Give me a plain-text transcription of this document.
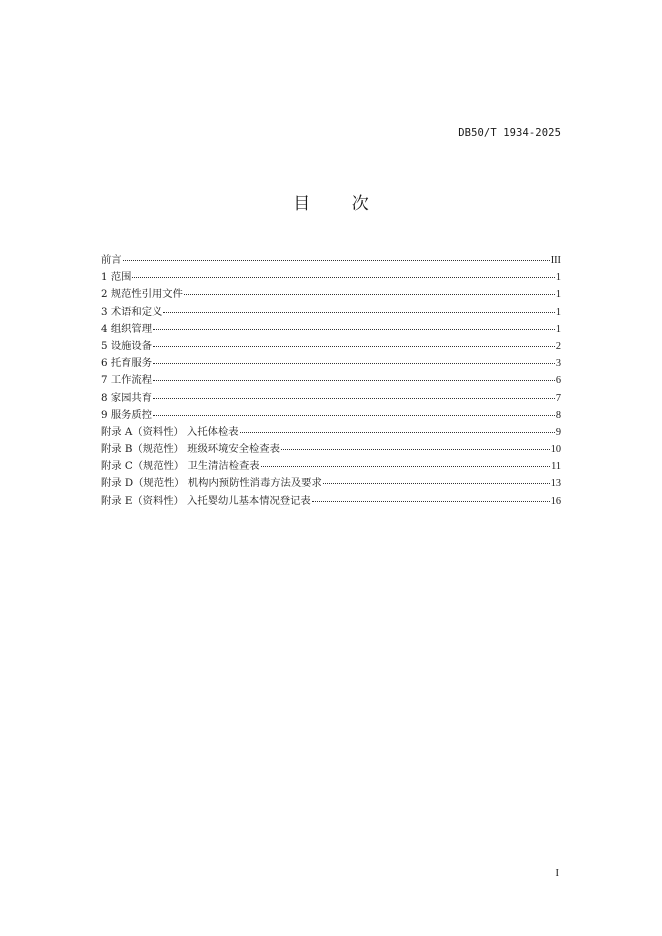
DB50/T 1934-2025
目 次
前言	III
1 范围	1
2 规范性引用文件	1
3 术语和定义	1
4 组织管理	1
5 设施设备	2
6 托育服务	3
7 工作流程	6
8 家园共育	7
9 服务质控	8
附录 A（资料性） 入托体检表	9
附录 B（规范性） 班级环境安全检查表	10
附录 C（规范性） 卫生清洁检查表	11
附录 D（规范性） 机构内预防性消毒方法及要求	13
附录 E（资料性） 入托婴幼儿基本情况登记表	16
I
